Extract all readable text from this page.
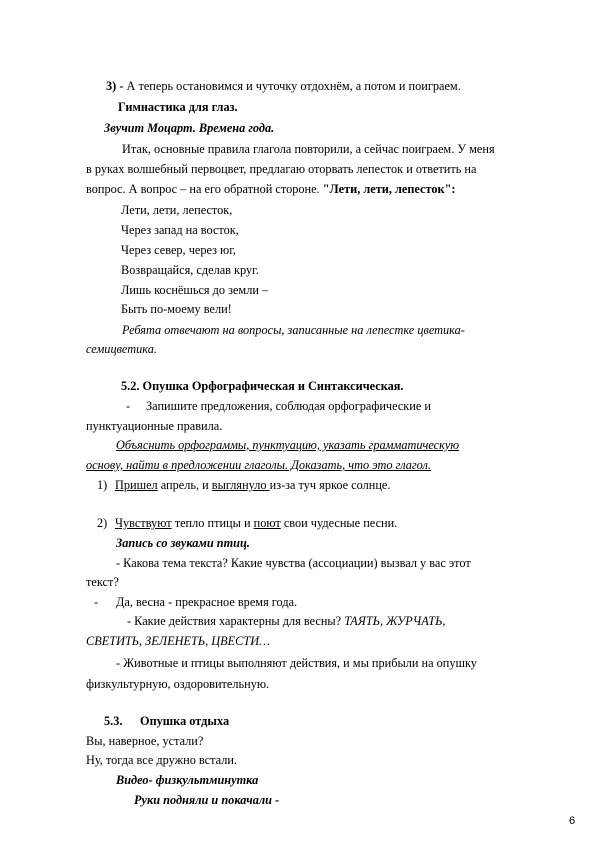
3) - А теперь остановимся и чуточку отдохнём, а потом и поиграем.
Гимнастика для глаз.
Звучит Моцарт. Времена года.
Итак, основные правила глагола повторили, а сейчас поиграем. У меня
в руках волшебный первоцвет, предлагаю оторвать лепесток и ответить на
вопрос. А вопрос – на его обратной стороне. "Лети, лети, лепесток":
Лети, лети, лепесток,
Через запад на восток,
Через север, через юг,
Возвращайся, сделав круг.
Лишь коснёшься до земли –
Быть по-моему вели!
Ребята отвечают на вопросы, записанные на лепестке цветика-
семицветика.
5.2. Опушка Орфографическая и Синтаксическая.
- Запишите предложения, соблюдая орфографические и
пунктуационные правила.
Объяснить орфограммы, пунктуацию, указать грамматическую
основу, найти в предложении глаголы. Доказать, что это глагол.
1) Пришел апрель, и выглянуло из-за туч яркое солнце.
2) Чувствуют тепло птицы и поют свои чудесные песни.
Запись со звуками птиц.
- Какова тема текста? Какие чувства (ассоциации) вызвал у вас этот
текст?
- Да, весна - прекрасное время года.
- Какие действия характерны для весны? ТАЯТЬ, ЖУРЧАТЬ,
СВЕТИТЬ, ЗЕЛЕНЕТЬ, ЦВЕСТИ…
- Животные и птицы выполняют действия, и мы прибыли на опушку
физкультурную, оздоровительную.
5.3. Опушка отдыха
Вы, наверное, устали?
Ну, тогда все дружно встали.
Видео- физкультминутка
Руки подняли и покачали -
6
